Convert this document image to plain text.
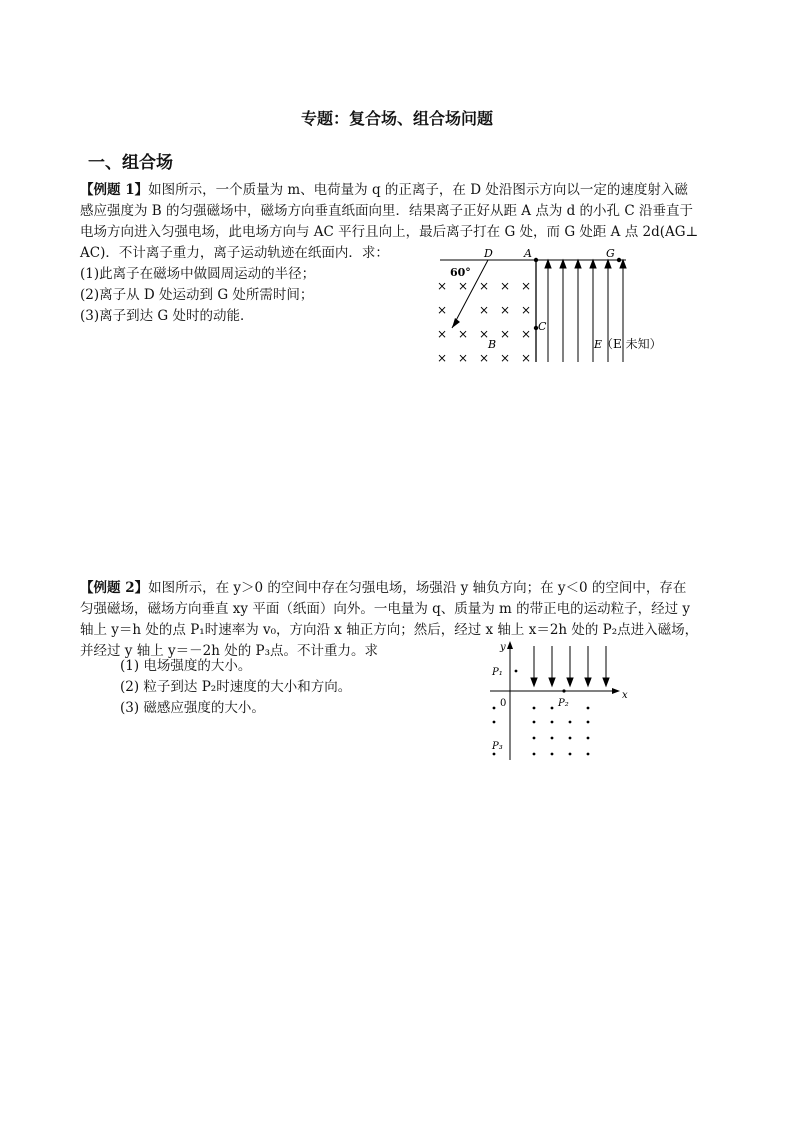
专题：复合场、组合场问题
一、组合场
【例题 1】如图所示，一个质量为 m、电荷量为 q 的正离子，在 D 处沿图示方向以一定的速度射入磁
感应强度为 B 的匀强磁场中，磁场方向垂直纸面向里．结果离子正好从距 A 点为 d 的小孔 C 沿垂直于
电场方向进入匀强电场，此电场方向与 AC 平行且向上，最后离子打在 G 处，而 G 处距 A 点 2d(AG⊥
AC)．不计离子重力，离子运动轨迹在纸面内．求：
(1)此离子在磁场中做圆周运动的半径；
(2)离子从 D 处运动到 G 处所需时间；
(3)离子到达 G 处时的动能．
× × × × ×
× × ×
× × × × ×
× × × × ×
×
60°
D	A	G
C
B	E
（E 未知）
【例题 2】如图所示，在 y＞0 的空间中存在匀强电场，场强沿 y 轴负方向；在 y＜0 的空间中，存在
匀强磁场，磁场方向垂直 xy 平面（纸面）向外。一电量为 q、质量为 m 的带正电的运动粒子，经过 y
轴上 y＝h 处的点 P₁时速率为 v₀，方向沿 x 轴正方向；然后，经过 x 轴上 x＝2h 处的 P₂点进入磁场，
并经过 y 轴上 y＝－2h 处的 P₃点。不计重力。求
(1) 电场强度的大小。
(2) 粒子到达 P₂时速度的大小和方向。
(3) 磁感应强度的大小。
y
x
0
P₁
P₂
P₃
